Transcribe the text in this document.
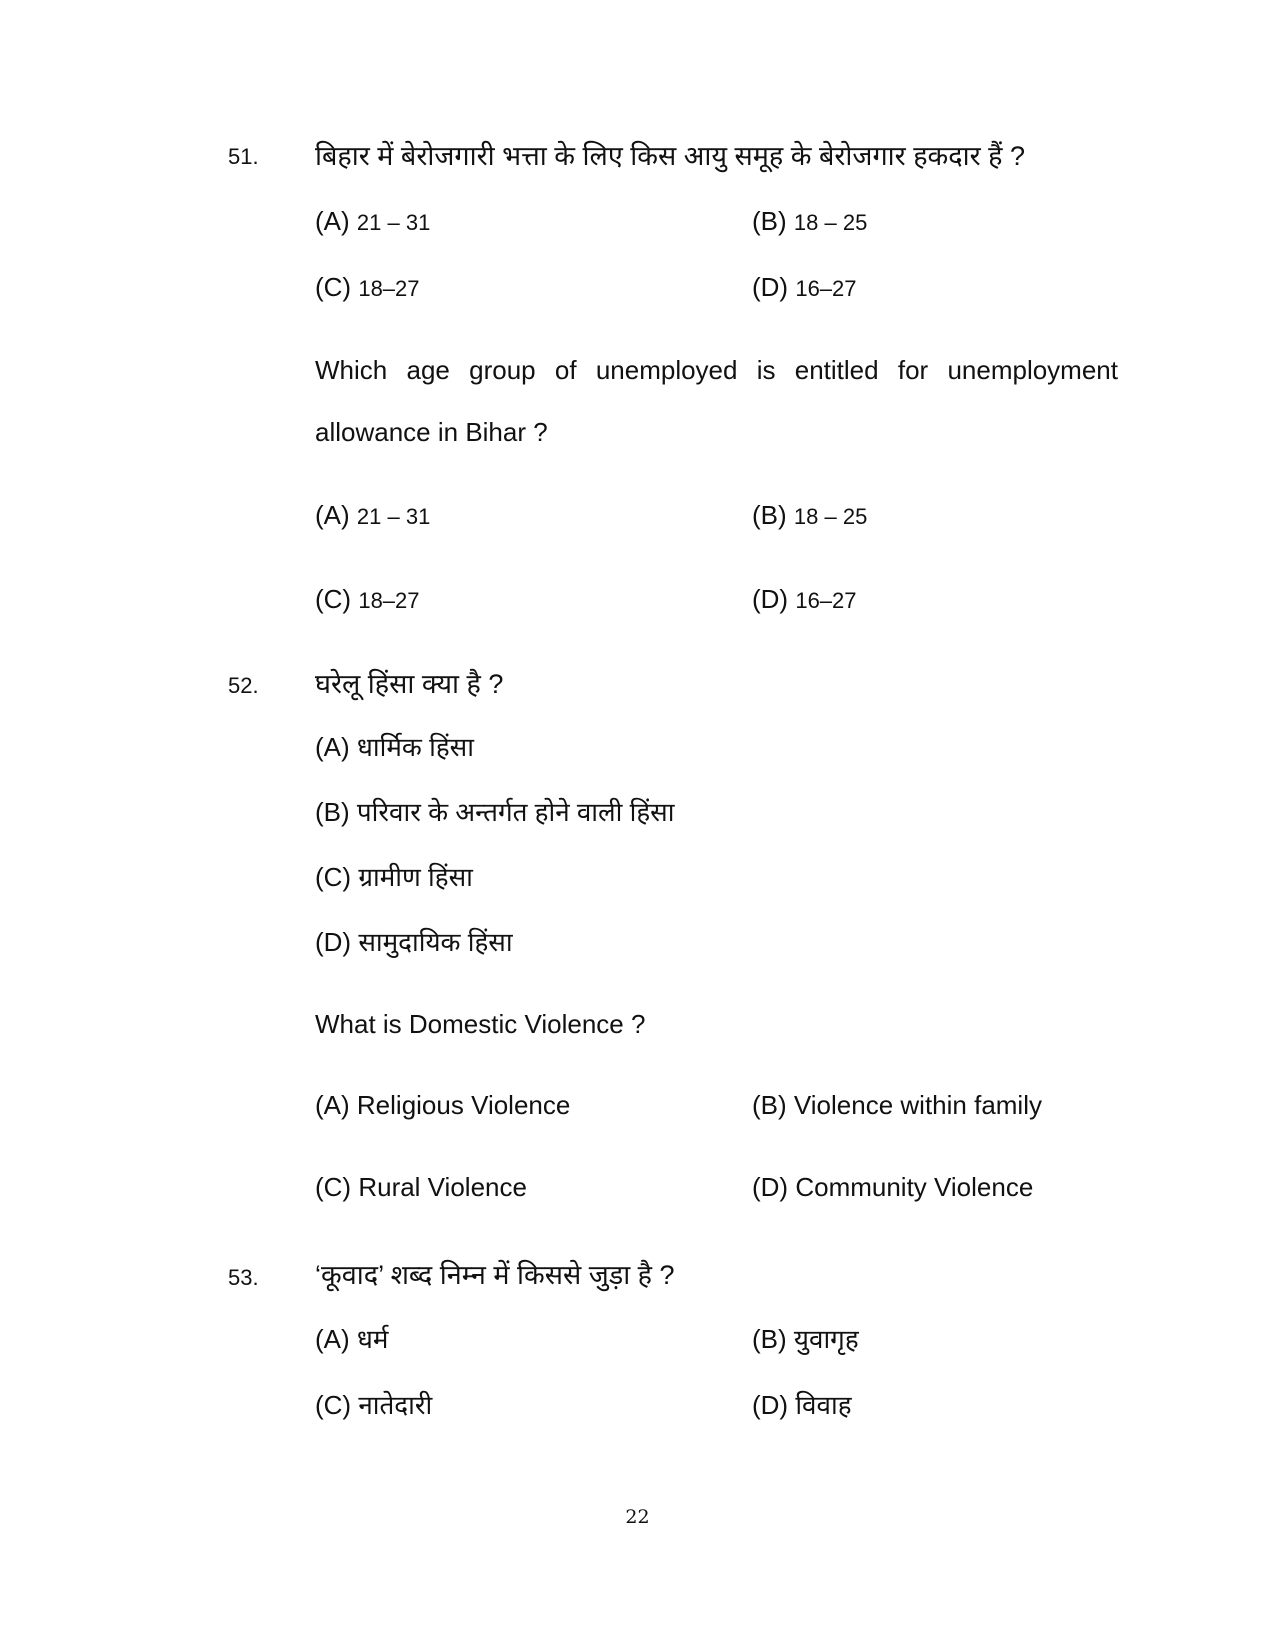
51. बिहार में बेरोजगारी भत्ता के लिए किस आयु समूह के बेरोजगार हकदार हैं ?
(A) 21 – 31	(B) 18 – 25
(C) 18–27	(D) 16–27
Which age group of unemployed is entitled for unemployment
allowance in Bihar ?
(A) 21 – 31	(B) 18 – 25
(C) 18–27	(D) 16–27
52. घरेलू हिंसा क्या है ?
(A) धार्मिक हिंसा
(B) परिवार के अन्तर्गत होने वाली हिंसा
(C) ग्रामीण हिंसा
(D) सामुदायिक हिंसा
What is Domestic Violence ?
(A) Religious Violence	(B) Violence within family
(C) Rural Violence	(D) Community Violence
53. ‘कूवाद’ शब्द निम्न में किससे जुड़ा है ?
(A) धर्म	(B) युवागृह
(C) नातेदारी	(D) विवाह
22
